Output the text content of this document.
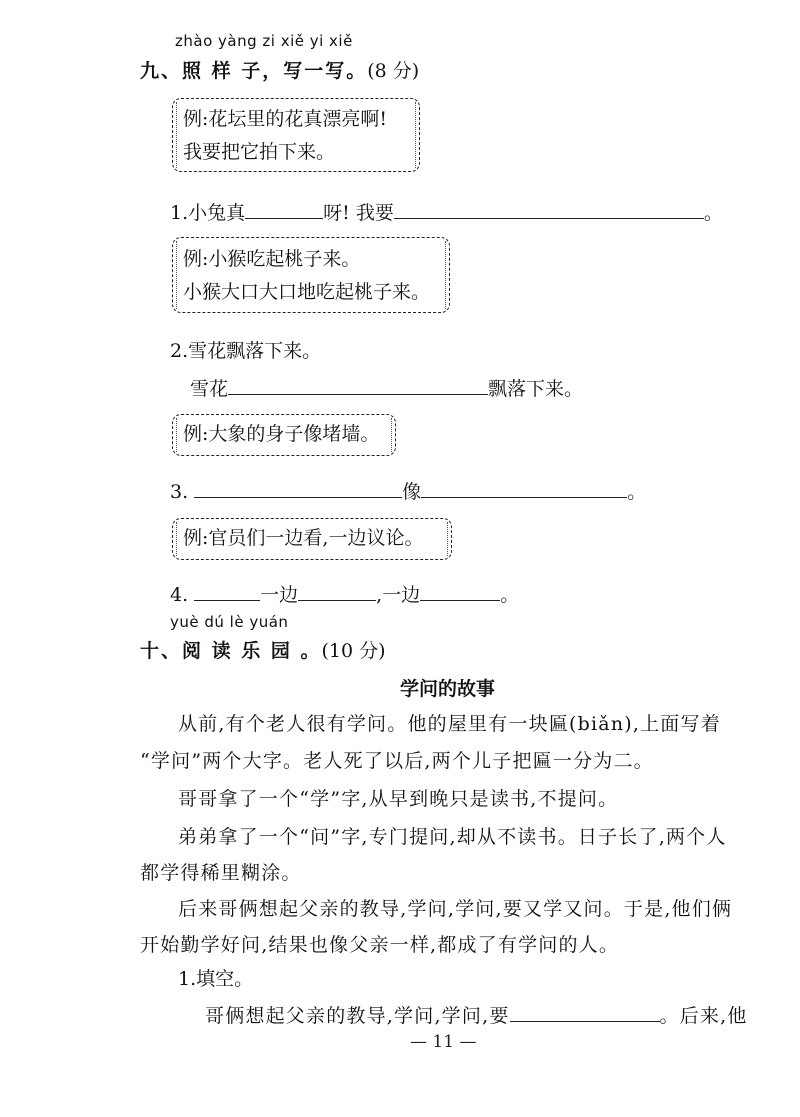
zhào yàng zi xiě yi xiě
九、照 样 子，写一写。(8 分)
例:花坛里的花真漂亮啊!
我要把它拍下来。
1.小兔真	呀! 我要	。
例:小猴吃起桃子来。
小猴大口大口地吃起桃子来。
2.雪花飘落下来。
雪花	飘落下来。
例:大象的身子像堵墙。
3.	像	。
例:官员们一边看,一边议论。
4.	一边	,一边	。
yuè dú lè yuán
十、阅 读 乐 园 。(10 分)
学问的故事
从前,有个老人很有学问。他的屋里有一块匾(biǎn),上面写着
“学问”两个大字。老人死了以后,两个儿子把匾一分为二。
哥哥拿了一个“学”字,从早到晚只是读书,不提问。
弟弟拿了一个“问”字,专门提问,却从不读书。日子长了,两个人
都学得稀里糊涂。
后来哥俩想起父亲的教导,学问,学问,要又学又问。于是,他们俩
开始勤学好问,结果也像父亲一样,都成了有学问的人。
1.填空。
哥俩想起父亲的教导,学问,学问,要	。后来,他
— 11 —
